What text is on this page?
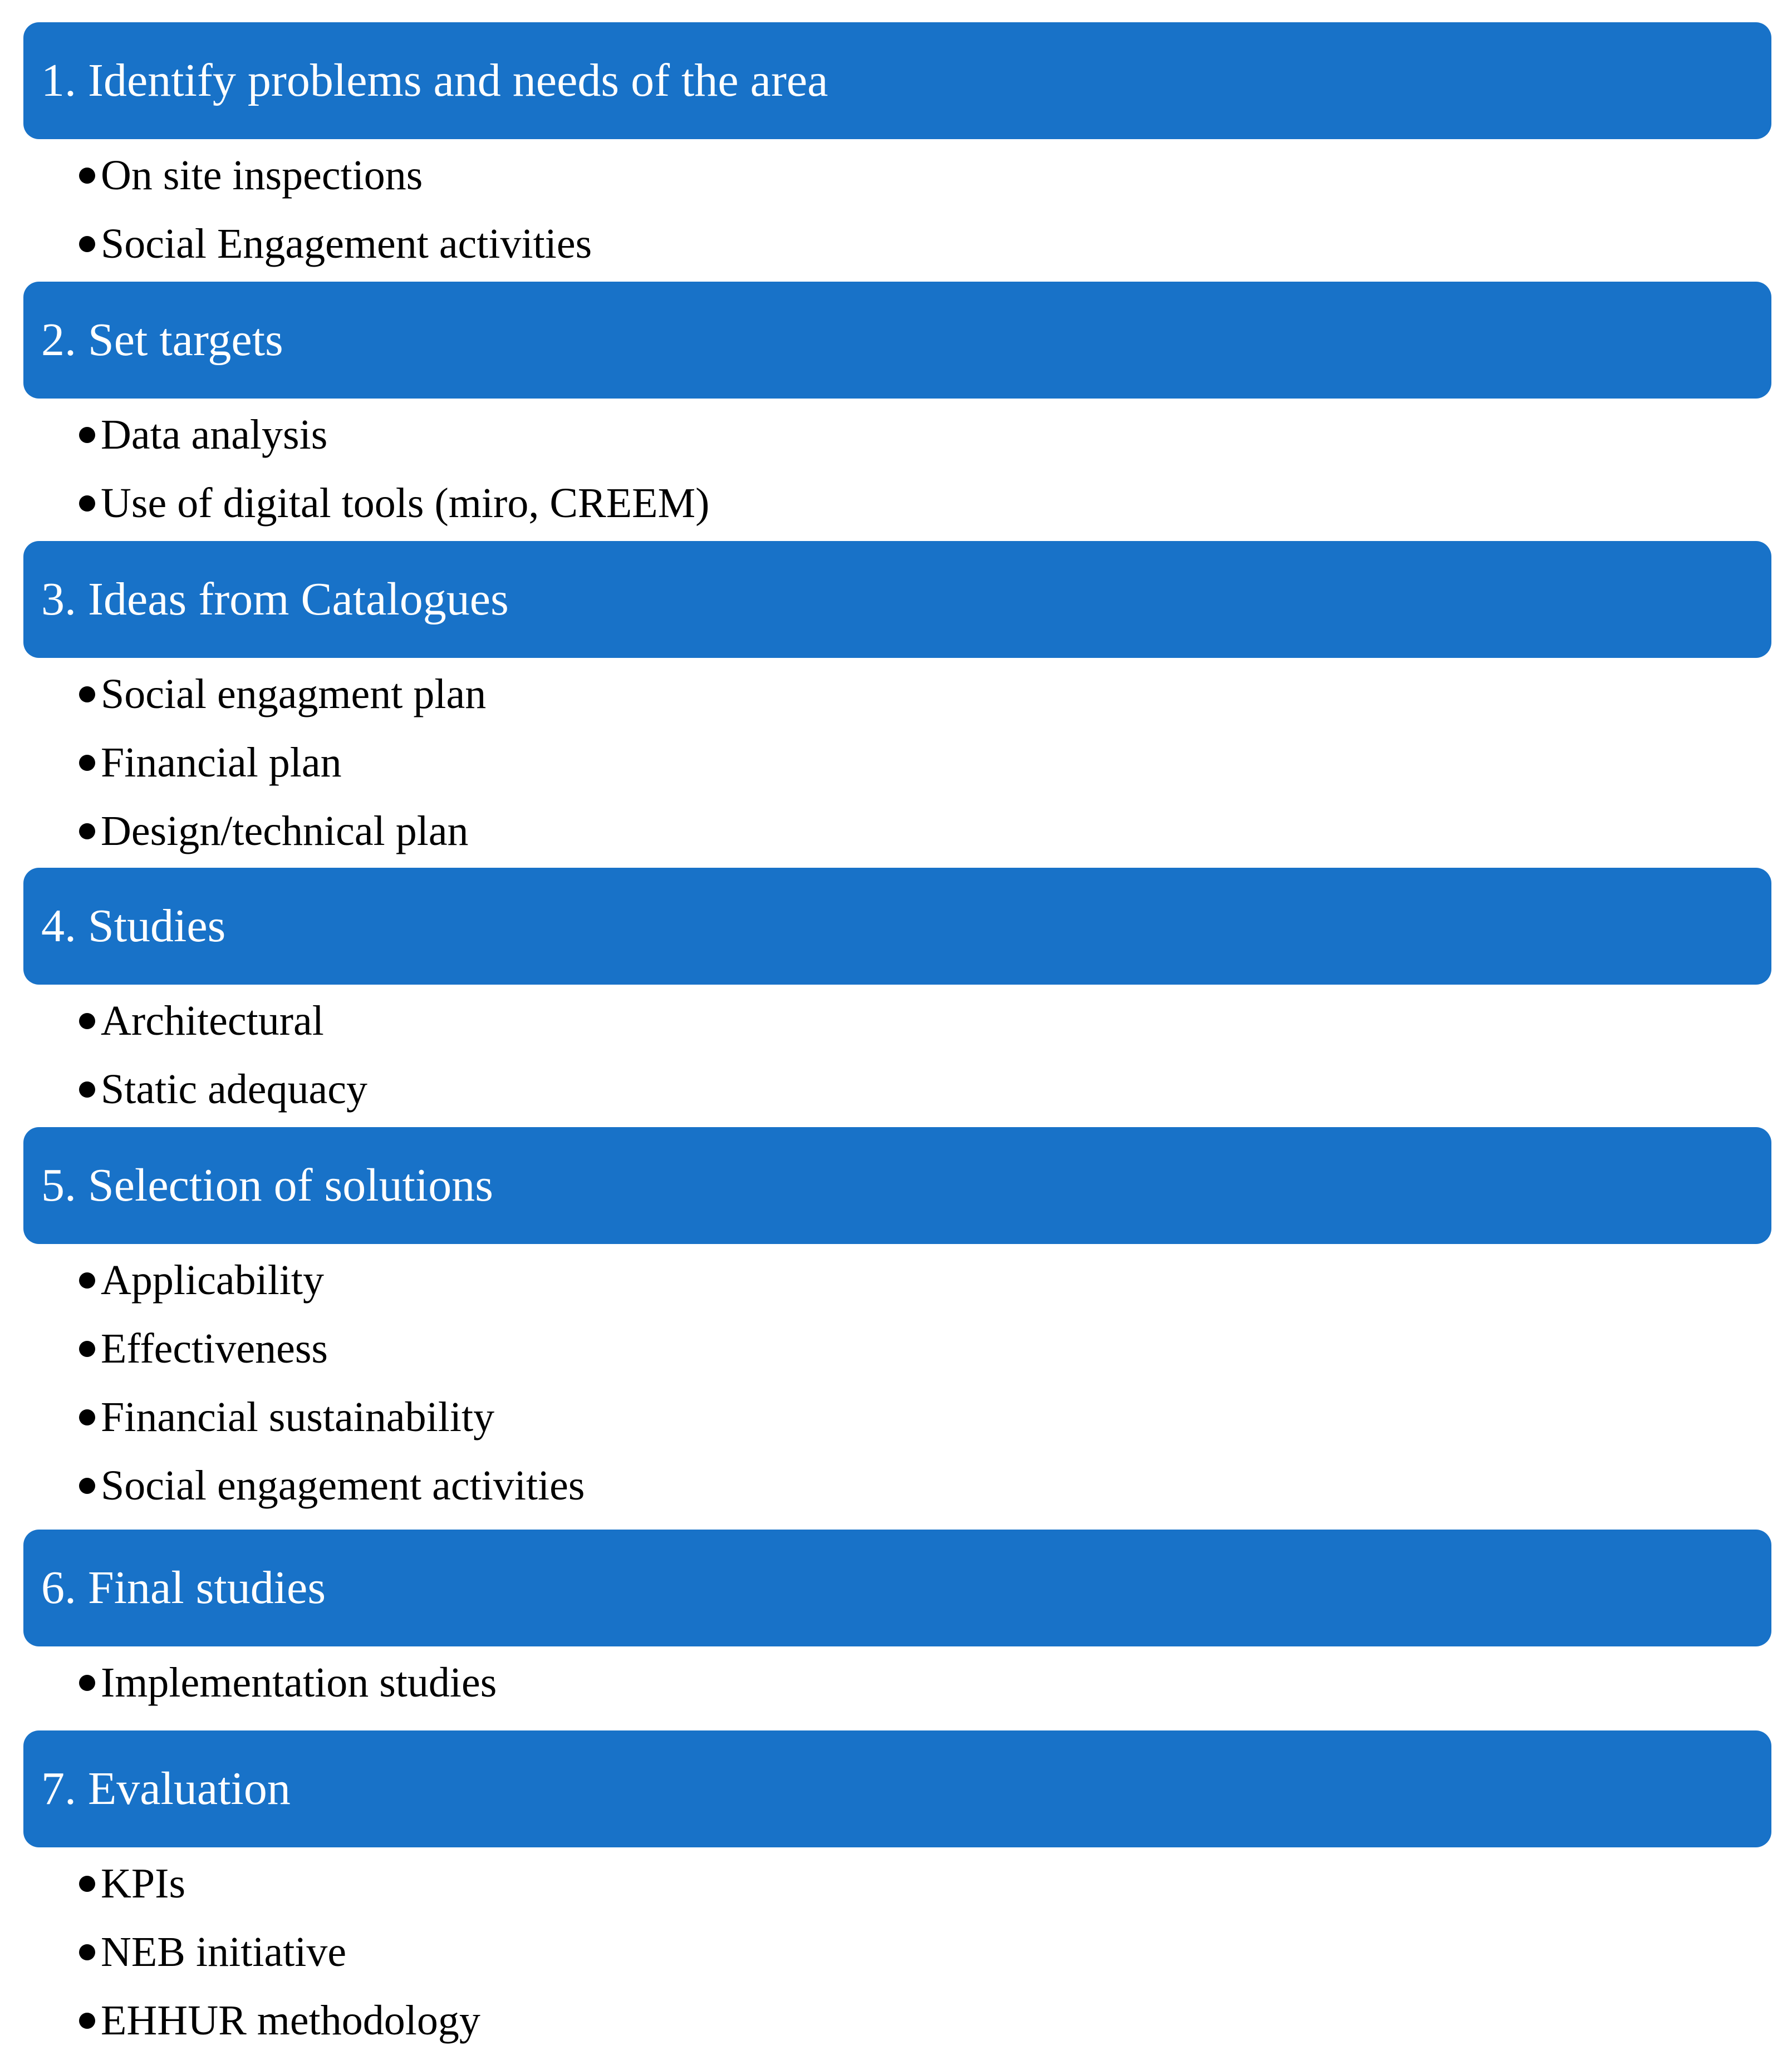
1. Identify problems and needs of the area
On site inspections
Social Engagement activities
2. Set targets
Data analysis
Use of digital tools (miro, CREEM)
3. Ideas from Catalogues
Social engagment plan
Financial plan
Design/technical plan
4. Studies
Architectural
Static adequacy
5. Selection of solutions
Applicability
Effectiveness
Financial sustainability
Social engagement activities
6. Final studies
Implementation studies
7. Evaluation
KPIs
NEB initiative
EHHUR methodology
